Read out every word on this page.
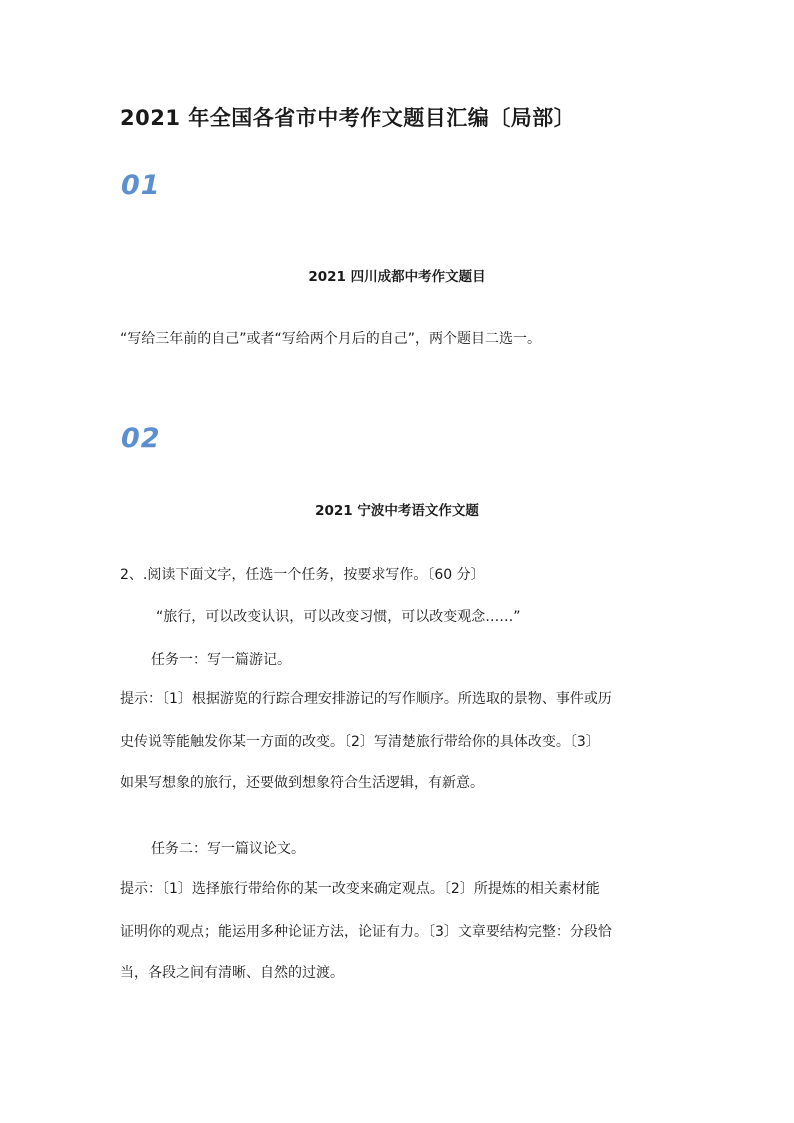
2021 年全国各省市中考作文题目汇编〔局部〕
01
2021 四川成都中考作文题目
“写给三年前的自己”或者“写给两个月后的自己”，两个题目二选一。
02
2021 宁波中考语文作文题
2、.阅读下面文字，任选一个任务，按要求写作。〔60 分〕
“旅行，可以改变认识，可以改变习惯，可以改变观念……”
任务一：写一篇游记。
提示：〔1〕根据游览的行踪合理安排游记的写作顺序。所选取的景物、事件或历
史传说等能触发你某一方面的改变。〔2〕写清楚旅行带给你的具体改变。〔3〕
如果写想象的旅行，还要做到想象符合生活逻辑，有新意。
任务二：写一篇议论文。
提示：〔1〕选择旅行带给你的某一改变来确定观点。〔2〕所提炼的相关素材能
证明你的观点；能运用多种论证方法，论证有力。〔3〕文章要结构完整：分段恰
当，各段之间有清晰、自然的过渡。
